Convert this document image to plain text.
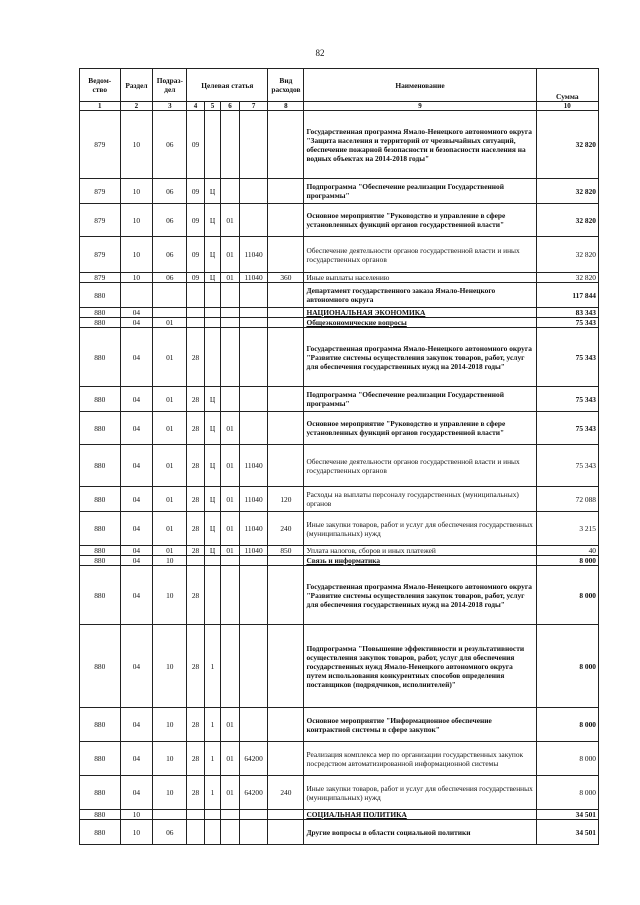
82
Ведом-ство	Раздел	Подраз-дел	Целевая статья				Вид расходов	Наименование	Сумма
1	2	3	4	5	6	7	8	9	10
879	10	06	09					Государственная программа Ямало-Ненецкого автономного округа "Защита населения и территорий от чрезвычайных ситуаций, обеспечение пожарной безопасности и безопасности населения на водных объектах на 2014-2018 годы"	32 820
879	10	06	09	Ц				Подпрограмма "Обеспечение реализации Государственной программы"	32 820
879	10	06	09	Ц	01			Основное мероприятие "Руководство и управление в сфере установленных функций органов государственной власти"	32 820
879	10	06	09	Ц	01	11040		Обеспечение деятельности органов государственной власти и иных государственных органов	32 820
879	10	06	09	Ц	01	11040	360	Иные выплаты населению	32 820
880								Департамент государственного заказа Ямало-Ненецкого автономного округа	117 844
880	04							НАЦИОНАЛЬНАЯ ЭКОНОМИКА	83 343
880	04	01						Общеэкономические вопросы	75 343
880	04	01	28					Государственная программа Ямало-Ненецкого автономного округа "Развитие системы осуществления закупок товаров, работ, услуг для обеспечения государственных нужд на 2014-2018 годы"	75 343
880	04	01	28	Ц				Подпрограмма "Обеспечение реализации Государственной программы"	75 343
880	04	01	28	Ц	01			Основное мероприятие "Руководство и управление в сфере установленных функций органов государственной власти"	75 343
880	04	01	28	Ц	01	11040		Обеспечение деятельности органов государственной власти и иных государственных органов	75 343
880	04	01	28	Ц	01	11040	120	Расходы на выплаты персоналу государственных (муниципальных) органов	72 088
880	04	01	28	Ц	01	11040	240	Иные закупки товаров, работ и услуг для обеспечения государственных (муниципальных) нужд	3 215
880	04	01	28	Ц	01	11040	850	Уплата налогов, сборов и иных платежей	40
880	04	10						Связь и информатика	8 000
880	04	10	28					Государственная программа Ямало-Ненецкого автономного округа "Развитие системы осуществления закупок товаров, работ, услуг для обеспечения государственных нужд на 2014-2018 годы"	8 000
880	04	10	28	1				Подпрограмма "Повышение эффективности и результативности осуществления закупок товаров, работ, услуг для обеспечения государственных нужд Ямало-Ненецкого автономного округа путем использования конкурентных способов определения поставщиков (подрядчиков, исполнителей)"	8 000
880	04	10	28	1	01			Основное мероприятие "Информационное обеспечение контрактной системы в сфере закупок"	8 000
880	04	10	28	1	01	64200		Реализация комплекса мер по организации государственных закупок посредством автоматизированной информационной системы	8 000
880	04	10	28	1	01	64200	240	Иные закупки товаров, работ и услуг для обеспечения государственных (муниципальных) нужд	8 000
880	10							СОЦИАЛЬНАЯ ПОЛИТИКА	34 501
880	10	06						Другие вопросы в области социальной политики	34 501
